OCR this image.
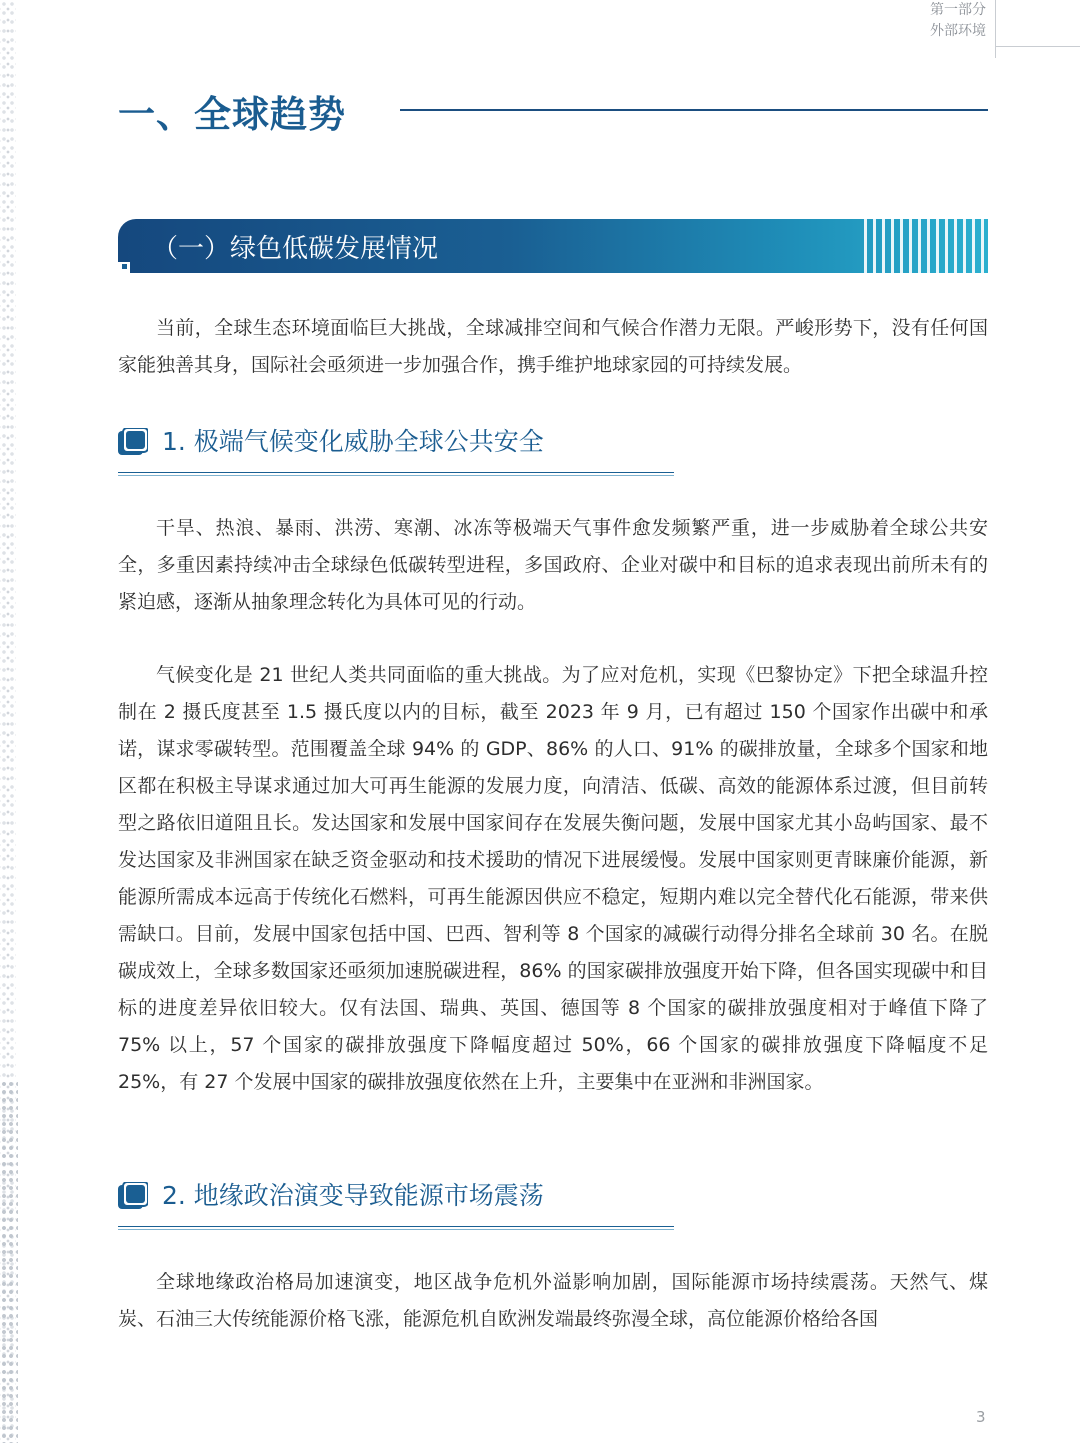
第一部分
外部环境
一、全球趋势
（一）绿色低碳发展情况

当前，全球生态环境面临巨大挑战，全球减排空间和气候合作潜力无限。严峻形势下，没有任何国家能独善其身，国际社会亟须进一步加强合作，携手维护地球家园的可持续发展。

1. 极端气候变化威胁全球公共安全

干旱、热浪、暴雨、洪涝、寒潮、冰冻等极端天气事件愈发频繁严重，进一步威胁着全球公共安全，多重因素持续冲击全球绿色低碳转型进程，多国政府、企业对碳中和目标的追求表现出前所未有的紧迫感，逐渐从抽象理念转化为具体可见的行动。

气候变化是 21 世纪人类共同面临的重大挑战。为了应对危机，实现《巴黎协定》下把全球温升控制在 2 摄氏度甚至 1.5 摄氏度以内的目标，截至 2023 年 9 月，已有超过 150 个国家作出碳中和承诺，谋求零碳转型。范围覆盖全球 94% 的 GDP、86% 的人口、91% 的碳排放量，全球多个国家和地区都在积极主导谋求通过加大可再生能源的发展力度，向清洁、低碳、高效的能源体系过渡，但目前转型之路依旧道阻且长。发达国家和发展中国家间存在发展失衡问题，发展中国家尤其小岛屿国家、最不发达国家及非洲国家在缺乏资金驱动和技术援助的情况下进展缓慢。发展中国家则更青睐廉价能源，新能源所需成本远高于传统化石燃料，可再生能源因供应不稳定，短期内难以完全替代化石能源，带来供需缺口。目前，发展中国家包括中国、巴西、智利等 8 个国家的减碳行动得分排名全球前 30 名。在脱碳成效上，全球多数国家还亟须加速脱碳进程，86% 的国家碳排放强度开始下降，但各国实现碳中和目标的进度差异依旧较大。仅有法国、瑞典、英国、德国等 8 个国家的碳排放强度相对于峰值下降了 75% 以上，57 个国家的碳排放强度下降幅度超过 50%，66 个国家的碳排放强度下降幅度不足 25%，有 27 个发展中国家的碳排放强度依然在上升，主要集中在亚洲和非洲国家。

2. 地缘政治演变导致能源市场震荡

全球地缘政治格局加速演变，地区战争危机外溢影响加剧，国际能源市场持续震荡。天然气、煤炭、石油三大传统能源价格飞涨，能源危机自欧洲发端最终弥漫全球，高位能源价格给各国

3
